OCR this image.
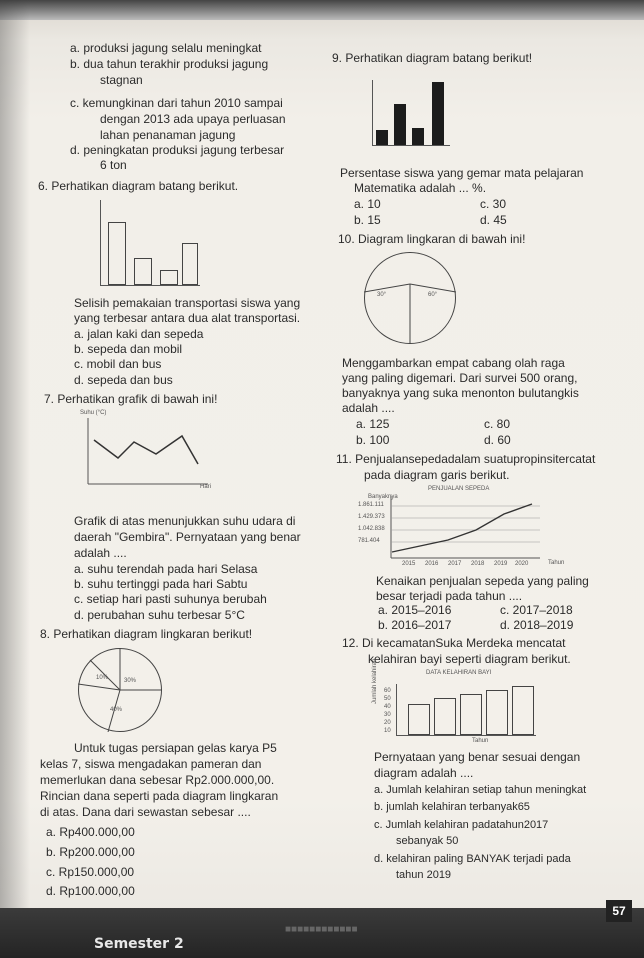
a. produksi jagung selalu meningkat
b. dua tahun terakhir produksi jagung
stagnan
c. kemungkinan dari tahun 2010 sampai
dengan 2013 ada upaya perluasan
lahan penanaman jagung
d. peningkatan produksi jagung terbesar
6 ton
6. Perhatikan diagram batang berikut.
Selisih pemakaian transportasi siswa yang
yang terbesar antara dua alat transportasi.
a. jalan kaki dan sepeda
b. sepeda dan mobil
c. mobil dan bus
d. sepeda dan bus
7. Perhatikan grafik di bawah ini!
Suhu (°C)
Hari
Grafik di atas menunjukkan suhu udara di
daerah "Gembira". Pernyataan yang benar
adalah ....
a. suhu terendah pada hari Selasa
b. suhu tertinggi pada hari Sabtu
c. setiap hari pasti suhunya berubah
d. perubahan suhu terbesar 5°C
8. Perhatikan diagram lingkaran berikut!
10%	30%
40%
Untuk tugas persiapan gelas karya P5
kelas 7, siswa mengadakan pameran dan
memerlukan dana sebesar Rp2.000.000,00.
Rincian dana seperti pada diagram lingkaran
di atas. Dana dari sewastan sebesar ....
a. Rp400.000,00
b. Rp200.000,00
c. Rp150.000,00
d. Rp100.000,00
9. Perhatikan diagram batang berikut!
Persentase siswa yang gemar mata pelajaran
Matematika adalah ... %.
a. 10
b. 15
c. 30
d. 45
10. Diagram lingkaran di bawah ini!
30°	60°
Menggambarkan empat cabang olah raga
yang paling digemari. Dari survei 500 orang,
banyaknya yang suka menonton bulutangkis
adalah ....
a. 125
b. 100
c. 80
d. 60
11. Penjualansepedadalam suatupropinsitercatat
pada diagram garis berikut.
PENJUALAN SEPEDA
Banyaknya
1.861.111
1.429.373
1.042.838
781.404
2015 2016 2017 2018 2019 2020	Tahun
Kenaikan penjualan sepeda yang paling
besar terjadi pada tahun ....
a. 2015–2016
b. 2016–2017
c. 2017–2018
d. 2018–2019
12. Di kecamatanSuka Merdeka mencatat
kelahiran bayi seperti diagram berikut.
DATA KELAHIRAN BAYI
Jumlah kelahiran 60
50
40
30
20
10
Tahun
Pernyataan yang benar sesuai dengan
diagram adalah ....
a. Jumlah kelahiran setiap tahun meningkat
b. jumlah kelahiran terbanyak65
c. Jumlah kelahiran padatahun2017
sebanyak 50
d. kelahiran paling BANYAK terjadi pada
tahun 2019
■■■■■■■■■■■■
57
Semester 2
